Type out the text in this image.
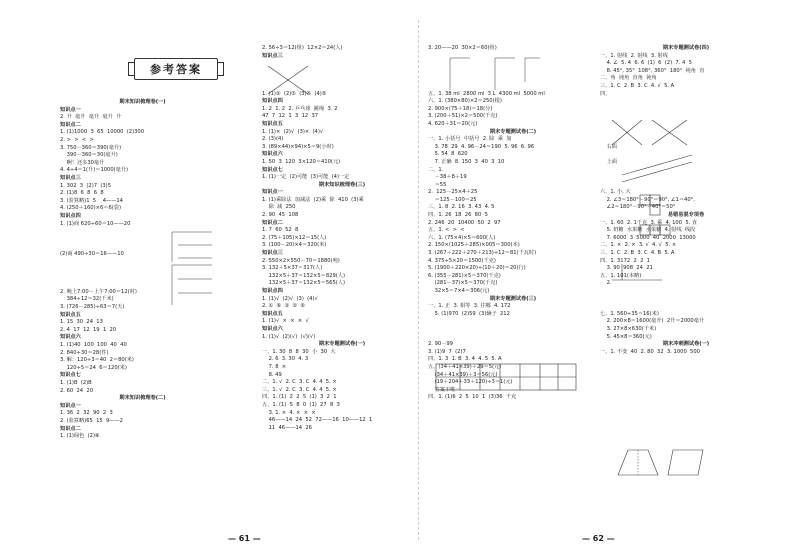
参考答案
期末知识梳理卷(一)
知识点一
2. 升  毫升  毫升  毫升  升
知识点二
1. (1)1000  3  65  10000  (2)300
2. >  >  <  >
3. 750－360＝390(毫升)
390－360＝30(毫升)
啊！还多30毫升
4. 4÷4＝1(升)＝1000(毫升)
知识点三
1. 302  3  (2)7  (3)5
2. (1)8  6  8  6  8
3. (验算略)1  5    4——14
4. (250＋160)×6＝6(袋)
知识点四
1. (1)商 620÷60＝10——20
(2)商 490÷30＝16——10
2. 晚上7:00－上午7:00＝12(时)
384÷12＝32(千米)
3. (726－285)÷63＝7(天)
知识点五
1. 15  30  24  13
2. 4  17  12  19  1  20
知识点六
1. (1)40  100  100  40  40
2. 840÷30＝28(件)
3. 解：120÷3＝40  2＝80(米)
120÷5＝24  6＝120(米)
知识点七
1. (1)B  (2)B
2. 60  24  20
期末知识梳理卷(二)
知识点一
1. 36  2  32  90  2  3
2. (验算略)65  15  9——2
知识点二
1. (1)绿色  (2)⑧
2. 56÷3＝12(组)  12×2＝24(人)
知识点三
1. (1)②  (2)⑤  (3)⑤  (4)⑤
知识点四
1. 2  1. 2  2. 乒乓球  跳绳  3. 2
47  7  12  1  3  12  37
知识点五
1. (1)×  (2)√  (3)×  (4)√
2. (3)(4)
3. (89×44)×94)×5＝9(小时)
知识点六
1. 50  3  120  3×120＝410(元)
知识点七
1. (1)一定  (2)可能  (3)可能  (4)一定
期末知识梳理卷(三)
知识点一
1. (1)乘除法  加减法  (2)乘  除  410  (3)乘
除  减  250
2. 90  45  108
知识点二
1. 7  60  52  8
2. (75＋105)×12＝15(人)
3. (100－20)×4＝320(米)
知识点三
2. 550×2×550－70＝1880(吨)
3. 132＋5×37＝317(人)
132×5＋37＝132×5＝829(人)
132×5＋37＝132×5＝565(人)
知识点四
1. (1)√  (2)√  (3)  (4)√
2. ①  ⑥  ③  ②  ⑥
知识点五
1. (1)√  ×  ×  ×  √
知识点六
1. (1)√  (2)(√)  (√)(√)
期末专题测试卷(一)
一、1. 30  8  8  30  小  30  大
2. 6  3. 30  4. 3
7. 8  ×
8. 49
二、1. √  2. C  3. C  4. 4  5. ×
三、1. √  2. C  3. C  4. 4  5. ×
四、1. (1)  2  2  5  (1)  3  2  1
五、1. (1)  5  8  0  (1)  27  8  3
3. 1. ×  4. ×  ×  ×
46——14  24  52  72——16  10——12  1
11  46——14  26
— 61 —
3. 20——20  30×2＝60(组)
五、1. 38 ml  2800 ml  3 L  4300 ml  5000 ml
六、1. (380×80)×2＝250(根)
2. 900×(75＋18)＝18(分)
3. (200＋51)×2＝500(千克)
4. 620＋31＝20(元)
期末专题测试卷(二)
一、1. 小括号  中括号  2. 除  乘  加
3. 78  29  4. 96－24＝190  5. 96  6. 96
5. 54  8  620
7. 正确  8. 150  3  40  3  10
二、1.
－38＋8＋19
＝55
2.  125－25×4＋25
＝125－100＝25
三、1. 8  2. 16  3. 43  4. 5
四、1. 26  18  26  80  5
2. 246  20  10400  50  2  97
五、1. <  >  <
六、1. (75×4)×5＝600(人)
2. 150×(1025＋285)×005＝300(本)
3. (267＋222＋270＋213)÷12＝81(千瓦时)
4. 375÷5×20＝1500(千克)
5. (1900＋220×20)÷(10＋20)＝20(行)
6. (355－281)×5＝370(千克)
(281－37)×5＝370(千克)
32×5＝7×4＝306(元)
期末专题测试卷(三)
一、1. 正  3. 相等  3. 往哪  4. 172
5. (1)970  (2)59  (3)辆子  212
2. 90－99
3. (1)9  7  (2)7
四、1. 3  1. B  3. 4  4. 5  5. A
五、(34＋41×39)＋29＝5(元)
(34＋41×39)＋3＝56(元)
(19＋204＋33＋120)÷3＝1(元)
答案不唯一
四、1. (1)6  2  5  10  1  (3)36  千克
期末专题测试卷(四)
一、1. 射线  2. 射线  3. 射线
4. ∠  5. 4  6. 6  (1)  6  (2)  7. 4  5
8. 45°, 35°  108°, 360°  180°  钝角  直
二、角  钝角  直角  钝角
三、1. C  2. B  3. C  4. √  5. A
四、
右面
上面
六、1. 小, 大
2. ∠3＝180°－90°＝90°, ∠1＝40°,
∠2＝180°－90°－40°＝50°
易错易混专项卷
一、1. 60  2. 1千克  3. 乘  4. 100  5. 直
5. 奶糖  水果糖  水果糖  4. 射线  线段
7. 6000  3  5000  40  2000  13000
二、1. ×  2. ×  3. √  4. √  5. ×
三、1. C  2. B  3. C  4. B  5. A
四、1. 3172  2  2  1
3. 90  908  24  21
五、1. 101(本略)
2.
七、1. 560÷35＝16(米)
2. 200×8＝1600(毫升)  2升＝2000毫升
3. 27×8×630(千米)
5. 45×8＝360(元)
期末冲刺测试卷(一)
一、1. 不变  40  2. 80  32  3. 1000  500
— 62 —
